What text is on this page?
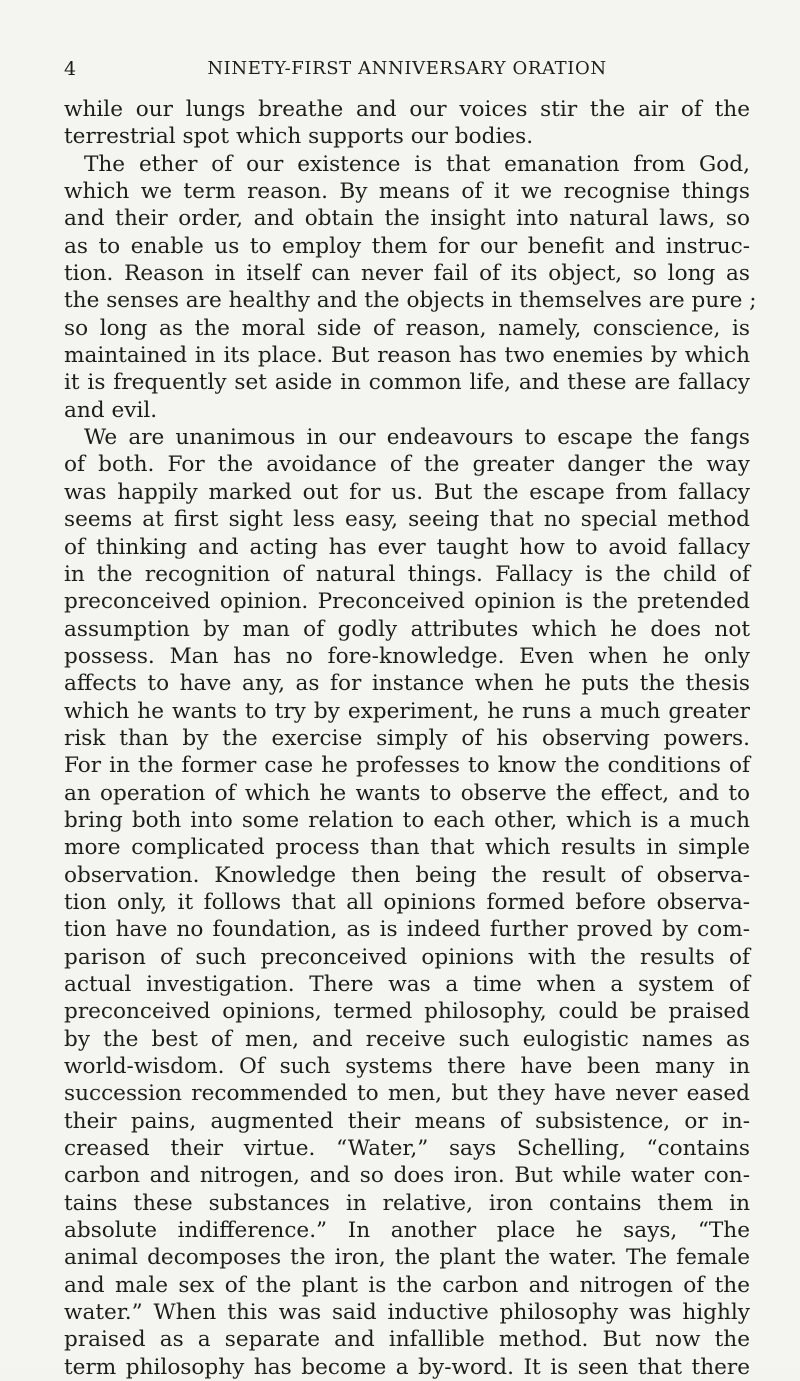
4	NINETY-FIRST ANNIVERSARY ORATION
while our lungs breathe and our voices stir the air of the
terrestrial spot which supports our bodies.
The ether of our existence is that emanation from God,
which we term reason. By means of it we recognise things
and their order, and obtain the insight into natural laws, so
as to enable us to employ them for our benefit and instruc-
tion. Reason in itself can never fail of its object, so long as
the senses are healthy and the objects in themselves are pure ;
so long as the moral side of reason, namely, conscience, is
maintained in its place. But reason has two enemies by which
it is frequently set aside in common life, and these are fallacy
and evil.
We are unanimous in our endeavours to escape the fangs
of both. For the avoidance of the greater danger the way
was happily marked out for us. But the escape from fallacy
seems at first sight less easy, seeing that no special method
of thinking and acting has ever taught how to avoid fallacy
in the recognition of natural things. Fallacy is the child of
preconceived opinion. Preconceived opinion is the pretended
assumption by man of godly attributes which he does not
possess. Man has no fore-knowledge. Even when he only
affects to have any, as for instance when he puts the thesis
which he wants to try by experiment, he runs a much greater
risk than by the exercise simply of his observing powers.
For in the former case he professes to know the conditions of
an operation of which he wants to observe the effect, and to
bring both into some relation to each other, which is a much
more complicated process than that which results in simple
observation. Knowledge then being the result of observa-
tion only, it follows that all opinions formed before observa-
tion have no foundation, as is indeed further proved by com-
parison of such preconceived opinions with the results of
actual investigation. There was a time when a system of
preconceived opinions, termed philosophy, could be praised
by the best of men, and receive such eulogistic names as
world-wisdom. Of such systems there have been many in
succession recommended to men, but they have never eased
their pains, augmented their means of subsistence, or in-
creased their virtue. “Water,” says Schelling, “contains
carbon and nitrogen, and so does iron. But while water con-
tains these substances in relative, iron contains them in
absolute indifference.” In another place he says, “The
animal decomposes the iron, the plant the water. The female
and male sex of the plant is the carbon and nitrogen of the
water.” When this was said inductive philosophy was highly
praised as a separate and infallible method. But now the
term philosophy has become a by-word. It is seen that there
